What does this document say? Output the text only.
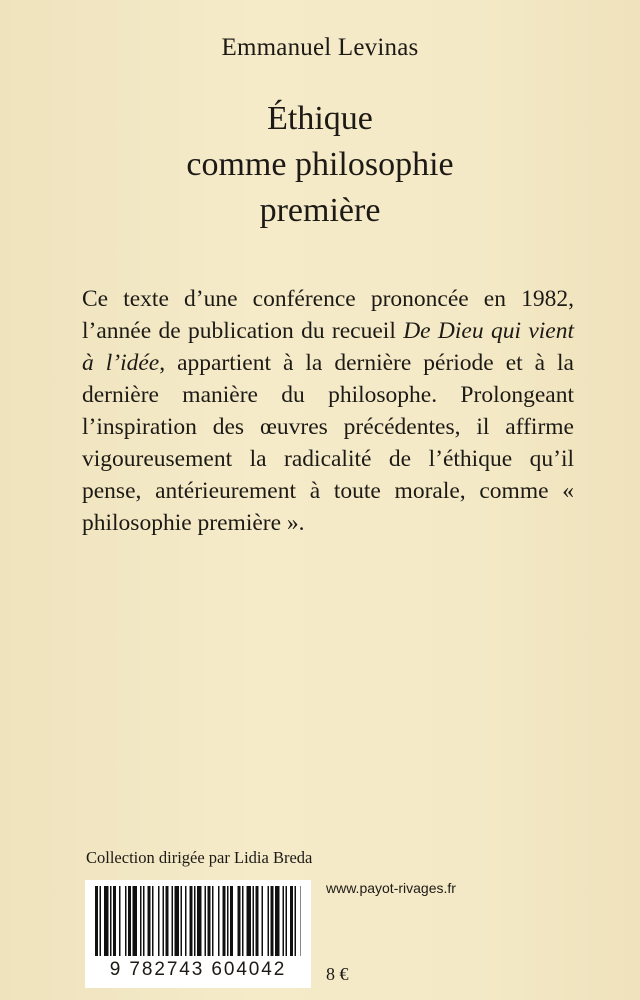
Emmanuel Levinas
Éthique
comme philosophie
première

Ce texte d’une conférence prononcée en 1982, l’année de publication du recueil De Dieu qui vient à l’idée, appartient à la dernière période et à la dernière manière du philosophe. Prolongeant l’inspiration des œuvres précédentes, il affirme vigoureusement la radicalité de l’éthique qu’il pense, antérieurement à toute morale, comme « philosophie première ».

Collection dirigée par Lidia Breda
9 782743 604042
www.payot-rivages.fr
8 €
